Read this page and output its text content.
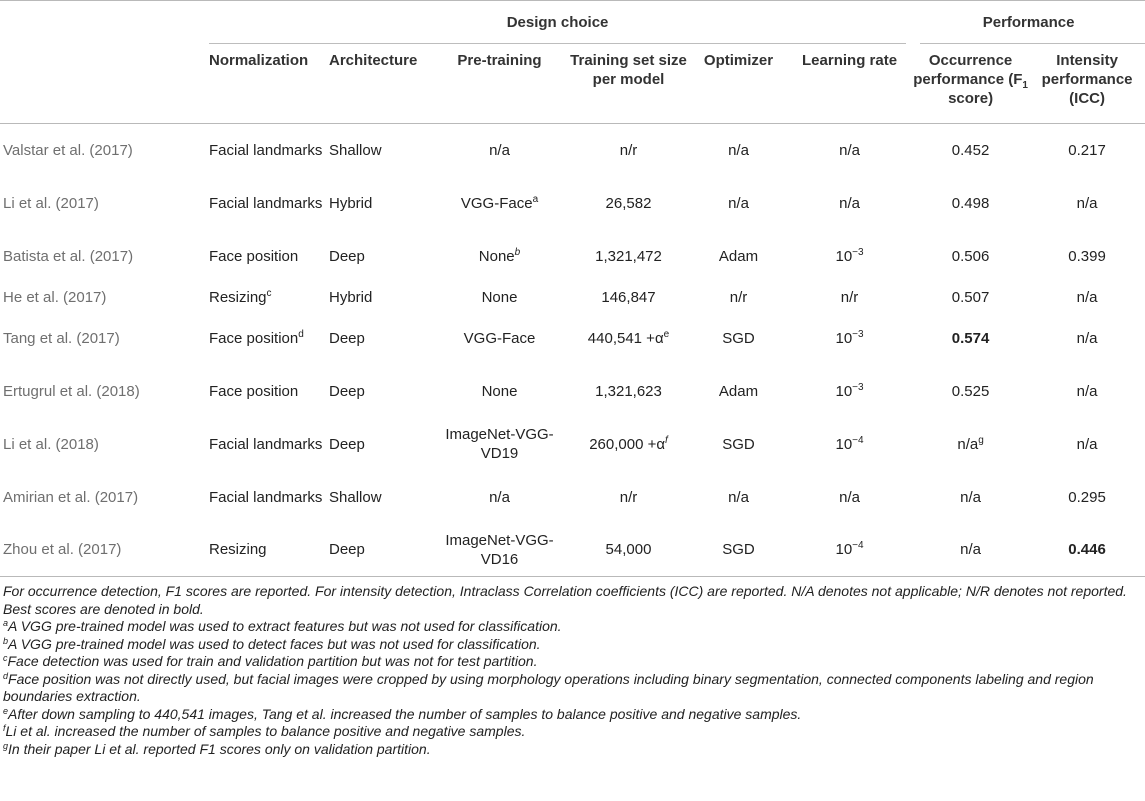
	Design choice						Performance	

	Normalization	Architecture	Pre-training	Training set size per model	Optimizer	Learning rate	Occurrence performance ($F_1$ score)	Intensity performance (ICC)
Valstar et al. (2017)	Facial landmarks	Shallow	n/a	n/r	n/a	n/a	0.452	0.217
Li et al. (2017)	Facial landmarks	Hybrid	VGG-Face$^a$	26,582	n/a	n/a	0.498	n/a
Batista et al. (2017)	Face position	Deep	None$^b$	1,321,472	Adam	$10^{-3}$	0.506	0.399
He et al. (2017)	Resizing$^c$	Hybrid	None	146,847	n/r	n/r	0.507	n/a
Tang et al. (2017)	Face position$^d$	Deep	VGG-Face	$440,541 +\alpha^e$	SGD	$10^{-3}$	0.574	n/a
Ertugrul et al. (2018)	Face position	Deep	None	1,321,623	Adam	$10^{-3}$	0.525	n/a
Li et al. (2018)	Facial landmarks	Deep	ImageNet-VGG-VD19	$260,000 +\alpha^f$	SGD	$10^{-4}$	$n/a^g$	n/a
Amirian et al. (2017)	Facial landmarks	Shallow	n/a	n/r	n/a	n/a	n/a	0.295
Zhou et al. (2017)	Resizing	Deep	ImageNet-VGG-VD16	54,000	SGD	$10^{-4}$	n/a	0.446
For occurrence detection, F1 scores are reported. For intensity detection, Intraclass Correlation coefficients (ICC) are reported. N/A denotes not applicable; N/R denotes not reported. Best scores are denoted in bold.
$^a$A VGG pre-trained model was used to extract features but was not used for classification.
$^b$A VGG pre-trained model was used to detect faces but was not used for classification.
$^c$Face detection was used for train and validation partition but was not for test partition.
$^d$Face position was not directly used, but facial images were cropped by using morphology operations including binary segmentation, connected components labeling and region boundaries extraction.
$^e$After down sampling to 440,541 images, Tang et al. increased the number of samples to balance positive and negative samples.
$^f$Li et al. increased the number of samples to balance positive and negative samples.
$^g$In their paper Li et al. reported F1 scores only on validation partition.
